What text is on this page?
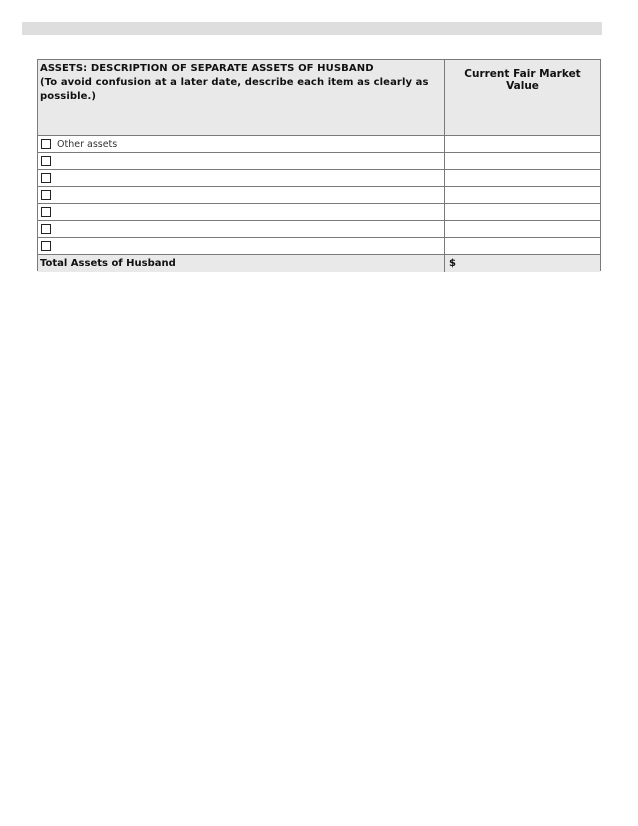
ASSETS: DESCRIPTION OF SEPARATE ASSETS OF HUSBAND
(To avoid confusion at a later date, describe each item as clearly as possible.)
Current Fair Market Value
Other assets
Total Assets of Husband	$
